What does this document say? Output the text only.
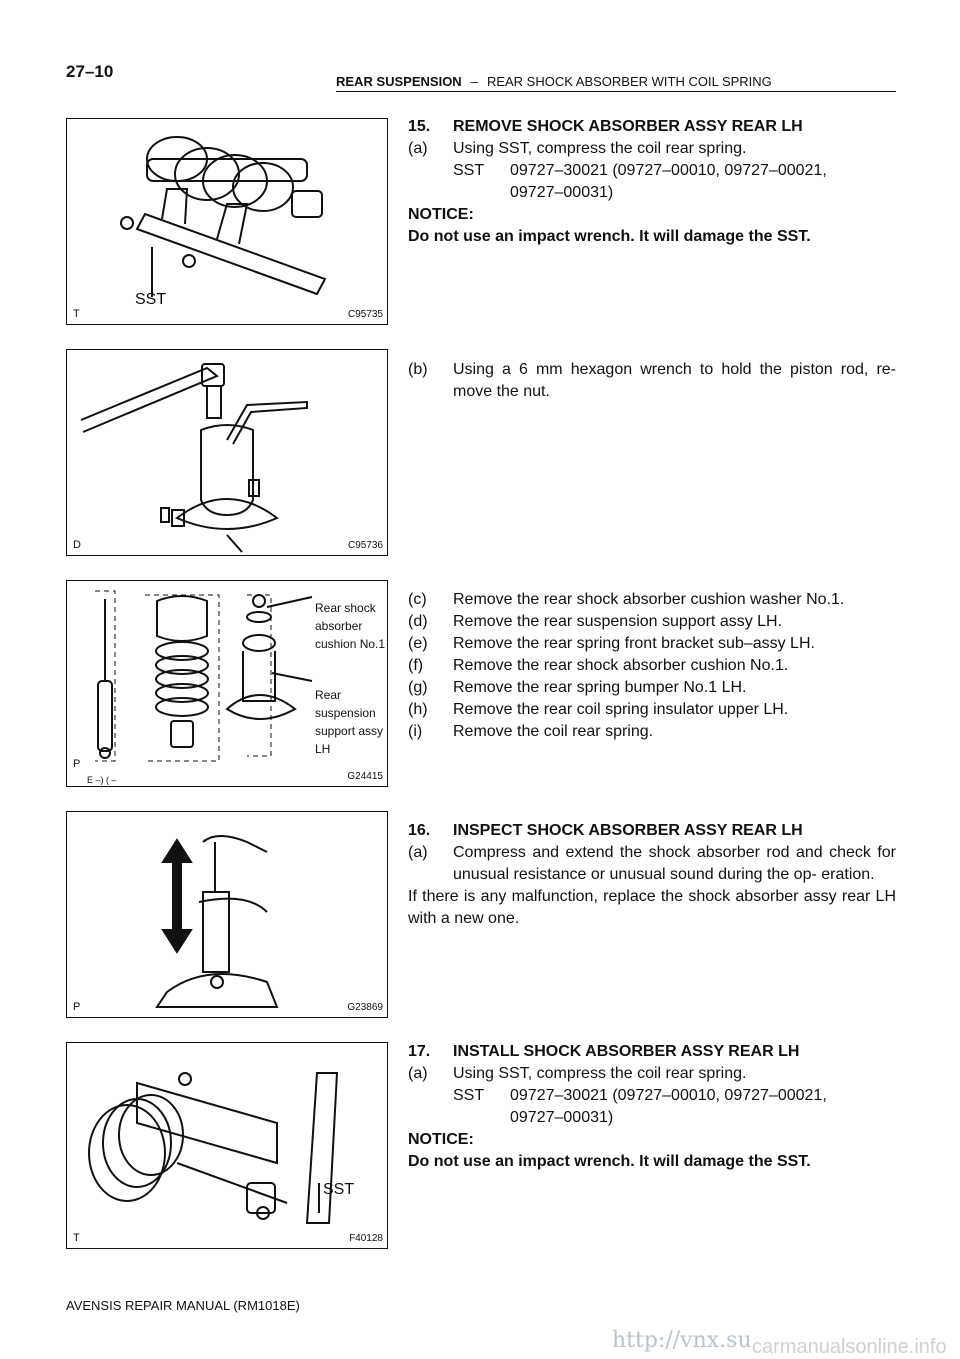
27–10
REAR SUSPENSION – REAR SHOCK ABSORBER WITH COIL SPRING
SST
T	C95735
D	C95736
Rear shock absorber cushion No.1
Rear suspension support assy LH
P
E –) ( –	G24415
P	G23869
SST
T	F40128
15.	REMOVE SHOCK ABSORBER ASSY REAR LH
(a)	Using SST, compress the coil rear spring.
SST	09727–30021 (09727–00010, 09727–00021,
09727–00031)
NOTICE:
Do not use an impact wrench. It will damage the SST.
(b)	Using a 6 mm hexagon wrench to hold the piston rod, re- move the nut.
(c)	Remove the rear shock absorber cushion washer No.1.
(d)	Remove the rear suspension support assy LH.
(e)	Remove the rear spring front bracket sub–assy LH.
(f)	Remove the rear shock absorber cushion No.1.
(g)	Remove the rear spring bumper No.1 LH.
(h)	Remove the rear coil spring insulator upper LH.
(i)	Remove the coil rear spring.
16.	INSPECT SHOCK ABSORBER ASSY REAR LH
(a)	Compress and extend the shock absorber rod and check for unusual resistance or unusual sound during the op- eration.
If there is any malfunction, replace the shock absorber assy rear LH with a new one.
17.	INSTALL SHOCK ABSORBER ASSY REAR LH
(a)	Using SST, compress the coil rear spring.
SST	09727–30021 (09727–00010, 09727–00021,
09727–00031)
NOTICE:
Do not use an impact wrench. It will damage the SST.
AVENSIS REPAIR MANUAL (RM1018E)
http://vnx.su carmanualsonline.info
